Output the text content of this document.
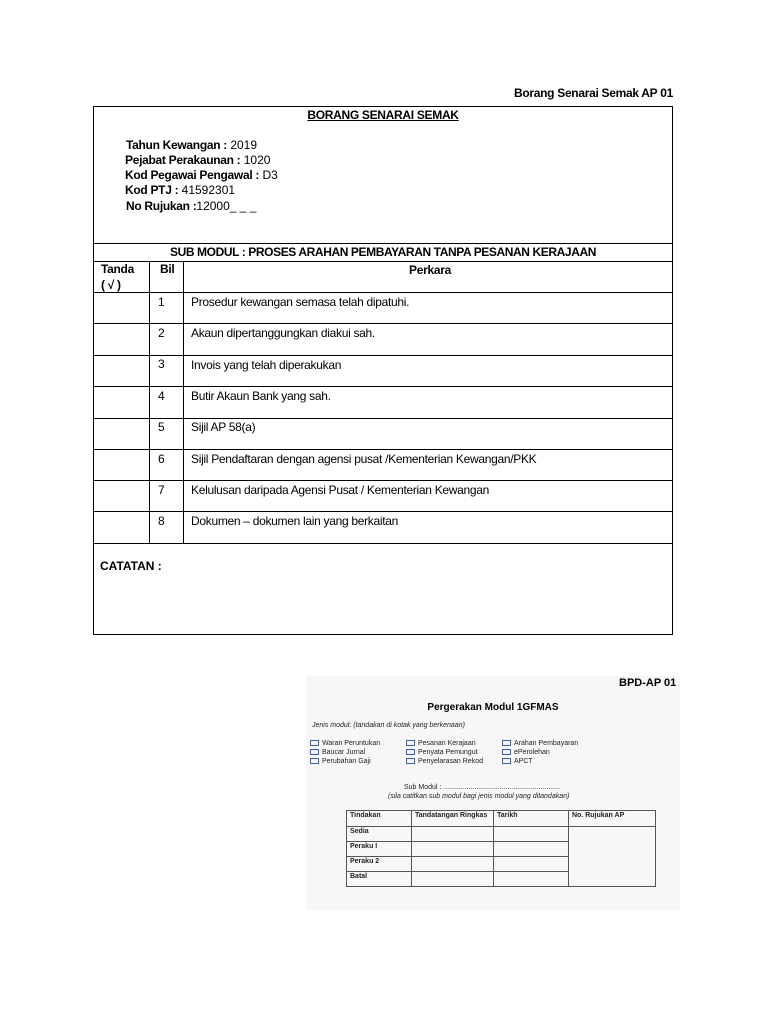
Borang Senarai Semak AP 01
BORANG SENARAI SEMAK
Tahun Kewangan : 2019
Pejabat Perakaunan : 1020
Kod Pegawai Pengawal : D3
Kod PTJ : 41592301
No Rujukan :12000_ _ _
SUB MODUL : PROSES ARAHAN PEMBAYARAN TANPA PESANAN KERAJAAN
Tanda
( √ )
Bil	Perkara
1 Prosedur kewangan semasa telah dipatuhi.
2 Akaun dipertanggungkan diakui sah.
3 Invois yang telah diperakukan
4 Butir Akaun Bank yang sah.
5 Sijil AP 58(a)
6 Sijil Pendaftaran dengan agensi pusat /Kementerian Kewangan/PKK
7 Kelulusan daripada Agensi Pusat / Kementerian Kewangan
8 Dokumen – dokumen lain yang berkaitan
CATATAN :
Pergerakan Modul 1GFMAS
Jenis modul: (tandakan di kotak yang berkenaan)
Waran Peruntukan	Pesanan Kerajaan	Arahan Pembayaran
Baucar Jurnal	Penyata Pemungut	ePerolehan
Perubahan Gaji	Penyelarasan Rekod	APCT
Sub Modul : ............................................................
(sila catitkan sub modul bagi jenis modul yang ditandakan)
Tindakan	Tandatangan Ringkas	Tarikh	No. Rujukan AP
Sedia			
Peraku I			
Peraku 2			
Batal			
BPD-AP 01
